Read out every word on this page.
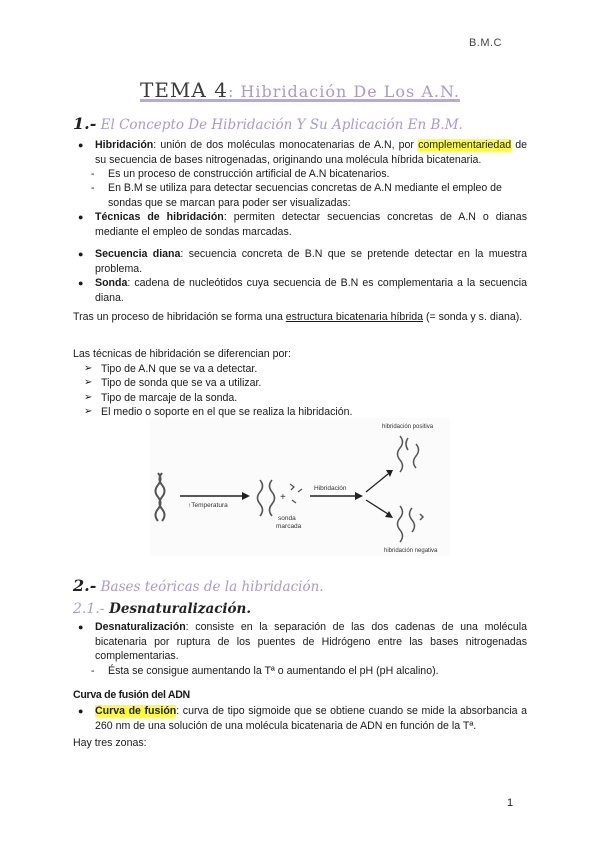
B.M.C
TEMA 4: Hibridación De Los A.N.
1.- El Concepto De Hibridación Y Su Aplicación En B.M.
● Hibridación: unión de dos moléculas monocatenarias de A.N, por complementariedad de su secuencia de bases nitrogenadas, originando una molécula híbrida bicatenaria.
- Es un proceso de construcción artificial de A.N bicatenarios.
- En B.M se utiliza para detectar secuencias concretas de A.N mediante el empleo de sondas que se marcan para poder ser visualizadas:
● Técnicas de hibridación: permiten detectar secuencias concretas de A.N o dianas mediante el empleo de sondas marcadas.
● Secuencia diana: secuencia concreta de B.N que se pretende detectar en la muestra problema.
● Sonda: cadena de nucleótidos cuya secuencia de B.N es complementaria a la secuencia diana.
Tras un proceso de hibridación se forma una estructura bicatenaria híbrida (= sonda y s. diana).
Las técnicas de hibridación se diferencian por:
➢ Tipo de A.N que se va a detectar.
➢ Tipo de sonda que se va a utilizar.
➢ Tipo de marcaje de la sonda.
➢ El medio o soporte en el que se realiza la hibridación.
↑Temperatura
+
sonda
marcada
Hibridación
hibridación positiva
hibridación negativa
2.- Bases teóricas de la hibridación.
2.1.- Desnaturalización.
● Desnaturalización: consiste en la separación de las dos cadenas de una molécula bicatenaria por ruptura de los puentes de Hidrógeno entre las bases nitrogenadas complementarias.
- Ésta se consigue aumentando la Tª o aumentando el pH (pH alcalino).
Curva de fusión del ADN
● Curva de fusión: curva de tipo sigmoide que se obtiene cuando se mide la absorbancia a 260 nm de una solución de una molécula bicatenaria de ADN en función de la Tª.
Hay tres zonas:
1
